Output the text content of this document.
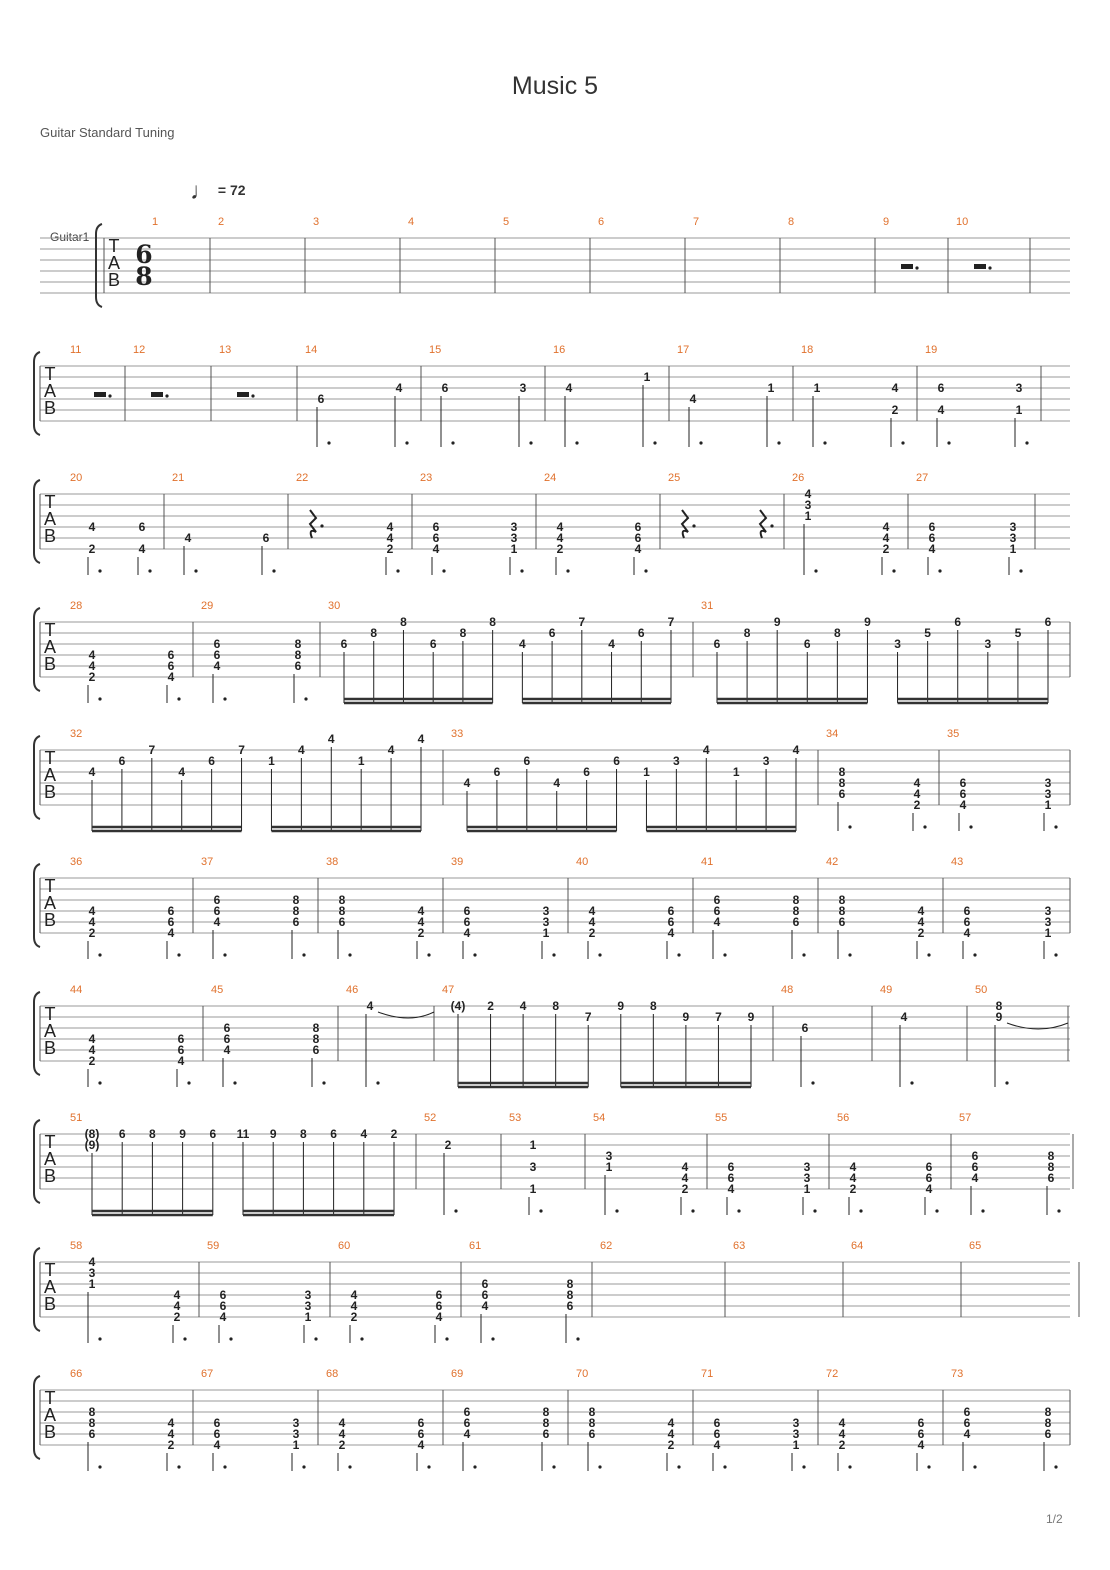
Music 5
Guitar Standard Tuning
♩ = 72
Guitar1
1/2
T
A
B
6
8
1	2	3	4	5	6	7	8	9	10
T
A
B
11	12	13	14
6
4
15
6	3
16
4
1
17
4
1
18
1	4
2
19
6
4
3
1
T
A
B
20
4
2
6
4
21
4	6
22
4
4
2
23
6
6
4
3
3
1
24
4
4
2
6
6
4
25	26
4
3
1
4
4
2
27
6
6
4
3
3
1
T
A
B
28
4
4
2
6
6
4
29
6
6
4
8
8
6
30
6
8
8
6
8
8
4
6
7
4
6
7
31
6
8
9
6
8
9
3
5
6
3
5
6
T
A
B
32
4
6
7
4
6
7
1
4
4
1
4
4 33
4
6
6
4
6
6
1
3
4
1
3
4
34
8
8
6
4
4
2
35
6
6
4
3
3
1
T
A
B
36
4
4
2
6
6
4
37
6
6
4
8
8
6
38
8
8
6
4
4
2
39
6
6
4
3
3
1
40
4
4
2
6
6
4
41
6
6
4
8
8
6
42
8
8
6
4
4
2
43
6
6
4
3
3
1
T
A
B
44
4
4
2
6
6
4
45
6
6
4
8
8
6
46
4
47
(4) 2 4 8
7
9 8
9 7 9
48
6
49
4
50
8
9
T
A
B
51
(8)
(9)
6 8 9 6 11 9 8 6 4 2
52
2
53
1
3
1
54
3
1	4
4
2
55
6
6
4
3
3
1
56
4
4
2
6
6
4
57
6
6
4
8
8
6
T
A
B
58
4
3
1
4
4
2
59
6
6
4
3
3
1
60
4
4
2
6
6
4
61
6
6
4
8
8
6
62	63	64	65
T
A
B
66
8
8
6
4
4
2
67
6
6
4
3
3
1
68
4
4
2
6
6
4
69
6
6
4
8
8
6
70
8
8
6
4
4
2
71
6
6
4
3
3
1
72
4
4
2
6
6
4
73
6
6
4
8
8
6
